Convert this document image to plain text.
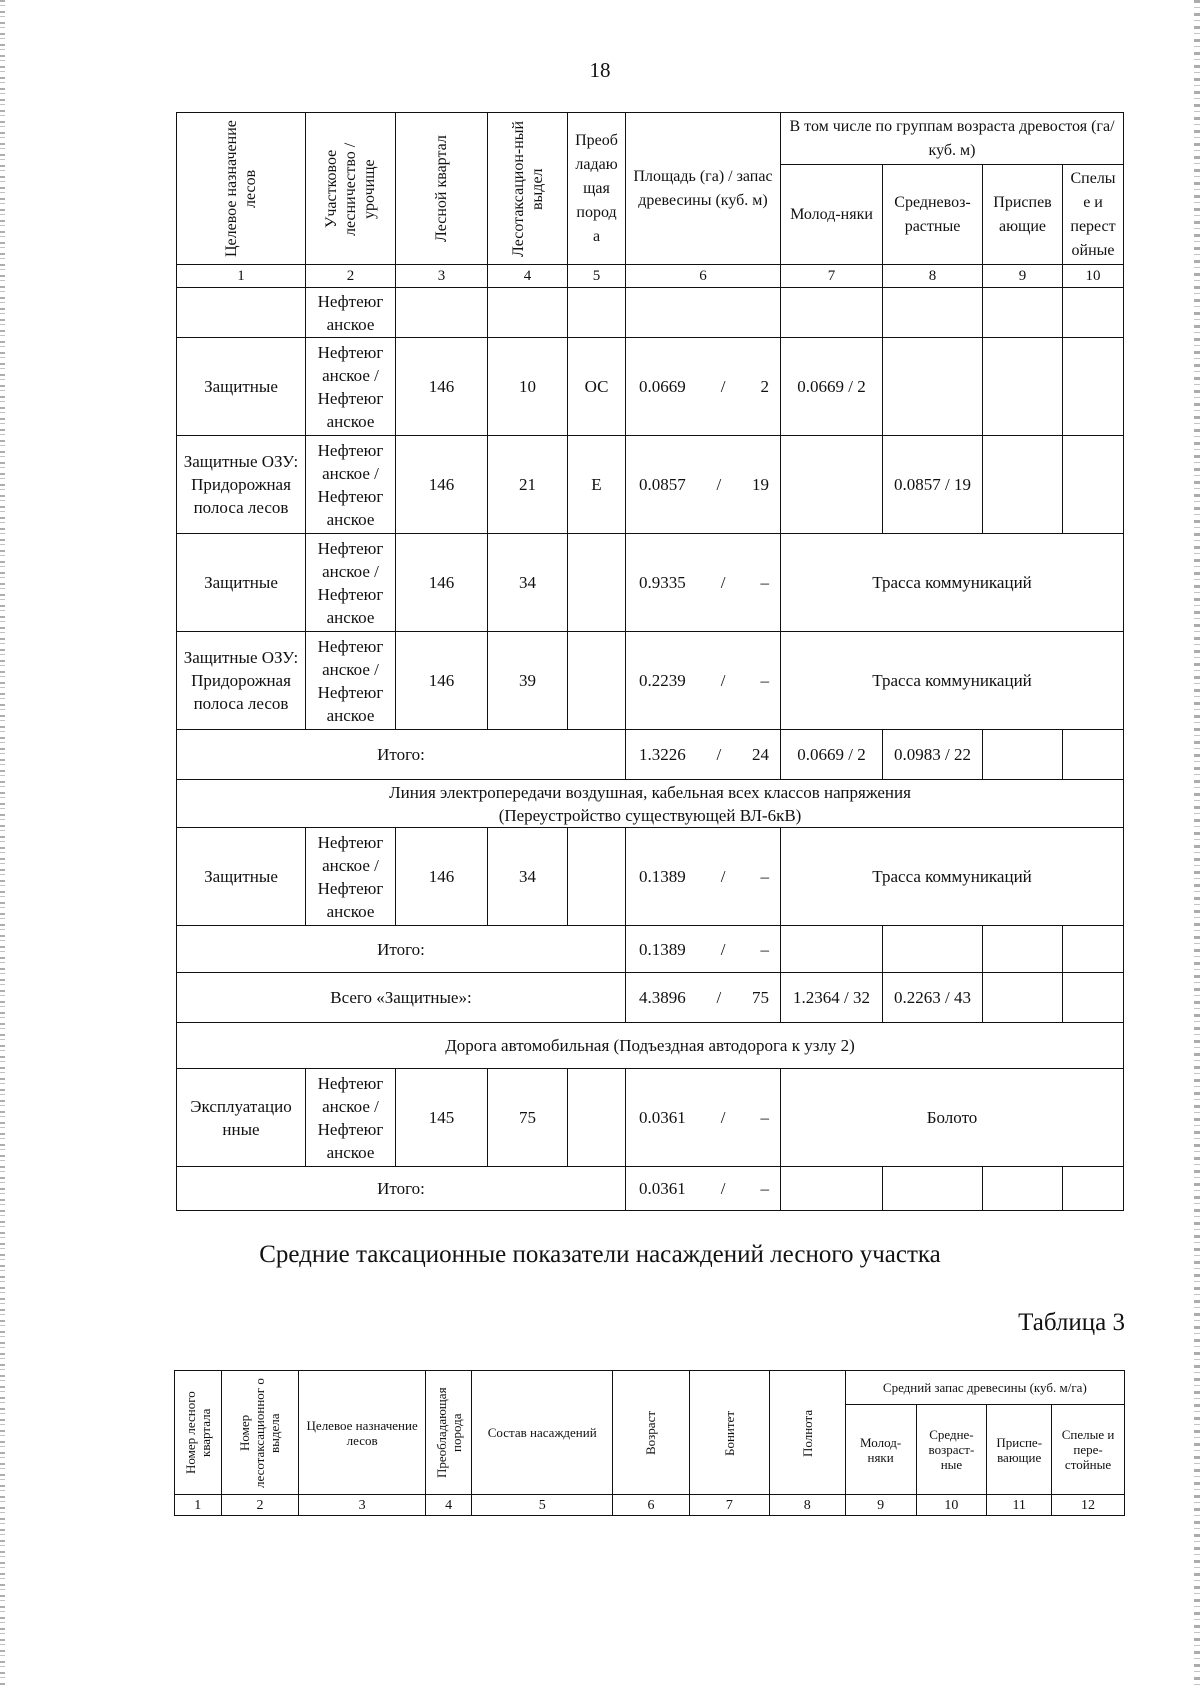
18
Целевое назначение лесов	Участковое лесничество / урочище	Лесной квартал	Лесотаксацион-ный выдел	Преоб ладаю щая пород а	Площадь (га) / запас древесины (куб. м)	В том числе по группам возраста древостоя (га/ куб. м)			
						Молод-няки	Средневоз-растные	Приспев ающие	Спелы е и перест ойные
1	2	3	4	5	6	7	8	9	10
	Нефтеюг анское				

Защитные	Нефтеюг анское / Нефтеюг анское	146	10	ОС	0.0669 / 2	0.0669 / 2			
Защитные ОЗУ: Придорожная полоса лесов	Нефтеюг анское / Нефтеюг анское	146	21	Е	0.0857 / 19		0.0857 / 19		
Защитные	Нефтеюг анское / Нефтеюг анское	146	34		0.9335 / –	Трасса коммуникаций			
Защитные ОЗУ: Придорожная полоса лесов	Нефтеюг анское / Нефтеюг анское	146	39		0.2239 / –	Трасса коммуникаций			
Итого:					1.3226 / 24	0.0669 / 2	0.0983 / 22		
Линия электропередачи воздушная, кабельная всех классов напряжения (Переустройство существующей ВЛ-6кВ)									
Защитные	Нефтеюг анское / Нефтеюг анское	146	34		0.1389 / –	Трасса коммуникаций			
Итого:					0.1389 / –				

Всего «Защитные»:					4.3896 / 75	1.2364 / 32	0.2263 / 43		
Дорога автомобильная (Подъездная автодорога к узлу 2)									
Эксплуатацио нные	Нефтеюг анское / Нефтеюг анское	145	75		0.0361 / –	Болото			
Итого:					0.0361 / –				

Средние таксационные показатели насаждений лесного участка
Таблица 3
Номер лесного квартала	Номер лесотаксационног о выдела	Целевое назначение лесов	Преобладающая порода	Состав насаждений	Возраст	Бонитет	Полнота	Средний запас древесины (куб. м/га)			
								Молод-няки	Средне-возраст-ные	Приспе-вающие	Спелые и пере-стойные
1	2	3	4	5	6	7	8	9	10	11	12
